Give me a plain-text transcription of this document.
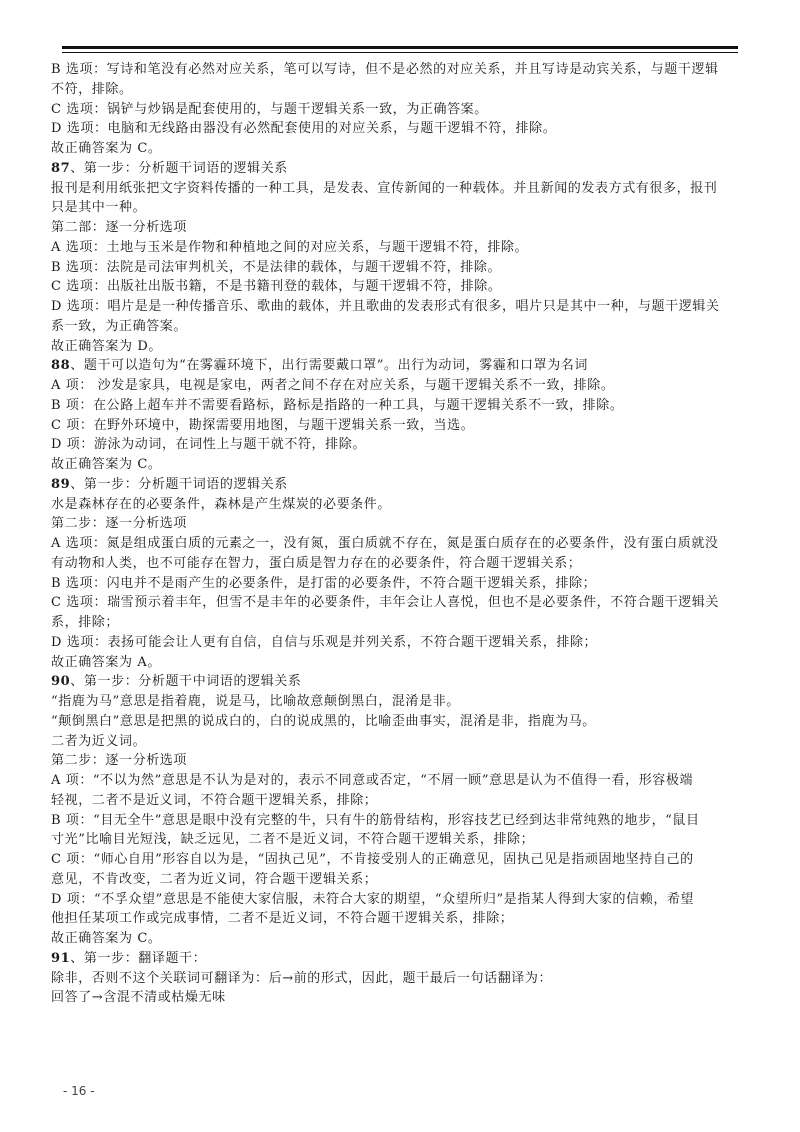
B 选项：写诗和笔没有必然对应关系，笔可以写诗，但不是必然的对应关系，并且写诗是动宾关系，与题干逻辑
不符，排除。
C 选项：锅铲与炒锅是配套使用的，与题干逻辑关系一致，为正确答案。
D 选项：电脑和无线路由器没有必然配套使用的对应关系，与题干逻辑不符，排除。
故正确答案为 C。
87、第一步：分析题干词语的逻辑关系
报刊是利用纸张把文字资料传播的一种工具，是发表、宣传新闻的一种载体。并且新闻的发表方式有很多，报刊
只是其中一种。
第二部：逐一分析选项
A 选项：土地与玉米是作物和种植地之间的对应关系，与题干逻辑不符，排除。
B 选项：法院是司法审判机关，不是法律的载体，与题干逻辑不符，排除。
C 选项：出版社出版书籍，不是书籍刊登的载体，与题干逻辑不符，排除。
D 选项：唱片是是一种传播音乐、歌曲的载体，并且歌曲的发表形式有很多，唱片只是其中一种，与题干逻辑关
系一致，为正确答案。
故正确答案为 D。
88、题干可以造句为“在雾霾环境下，出行需要戴口罩”。出行为动词，雾霾和口罩为名词
A 项： 沙发是家具，电视是家电，两者之间不存在对应关系，与题干逻辑关系不一致，排除。
B 项：在公路上超车并不需要看路标，路标是指路的一种工具，与题干逻辑关系不一致，排除。
C 项：在野外环境中，勘探需要用地图，与题干逻辑关系一致，当选。
D 项：游泳为动词，在词性上与题干就不符，排除。
故正确答案为 C。
89、第一步：分析题干词语的逻辑关系
水是森林存在的必要条件，森林是产生煤炭的必要条件。
第二步：逐一分析选项
A 选项：氮是组成蛋白质的元素之一，没有氮，蛋白质就不存在，氮是蛋白质存在的必要条件，没有蛋白质就没
有动物和人类，也不可能存在智力，蛋白质是智力存在的必要条件，符合题干逻辑关系；
B 选项：闪电并不是雨产生的必要条件，是打雷的必要条件，不符合题干逻辑关系，排除；
C 选项：瑞雪预示着丰年，但雪不是丰年的必要条件，丰年会让人喜悦，但也不是必要条件，不符合题干逻辑关
系，排除；
D 选项：表扬可能会让人更有自信，自信与乐观是并列关系，不符合题干逻辑关系，排除；
故正确答案为 A。
90、第一步：分析题干中词语的逻辑关系
“指鹿为马”意思是指着鹿，说是马，比喻故意颠倒黑白，混淆是非。
“颠倒黑白”意思是把黑的说成白的，白的说成黑的，比喻歪曲事实，混淆是非，指鹿为马。
二者为近义词。
第二步：逐一分析选项
A 项：“不以为然”意思是不认为是对的，表示不同意或否定，“不屑一顾”意思是认为不值得一看，形容极端
轻视，二者不是近义词，不符合题干逻辑关系，排除；
B 项：“目无全牛”意思是眼中没有完整的牛，只有牛的筋骨结构，形容技艺已经到达非常纯熟的地步，“鼠目
寸光”比喻目光短浅，缺乏远见，二者不是近义词，不符合题干逻辑关系，排除；
C 项：“师心自用”形容自以为是，“固执己见”，不肯接受别人的正确意见，固执己见是指顽固地坚持自己的
意见，不肯改变，二者为近义词，符合题干逻辑关系；
D 项：“不孚众望”意思是不能使大家信服，未符合大家的期望，“众望所归”是指某人得到大家的信赖，希望
他担任某项工作或完成事情，二者不是近义词，不符合题干逻辑关系，排除；
故正确答案为 C。
91、第一步：翻译题干：
除非，否则不这个关联词可翻译为：后→前的形式，因此，题干最后一句话翻译为：
回答了→含混不清或枯燥无味
- 16 -
